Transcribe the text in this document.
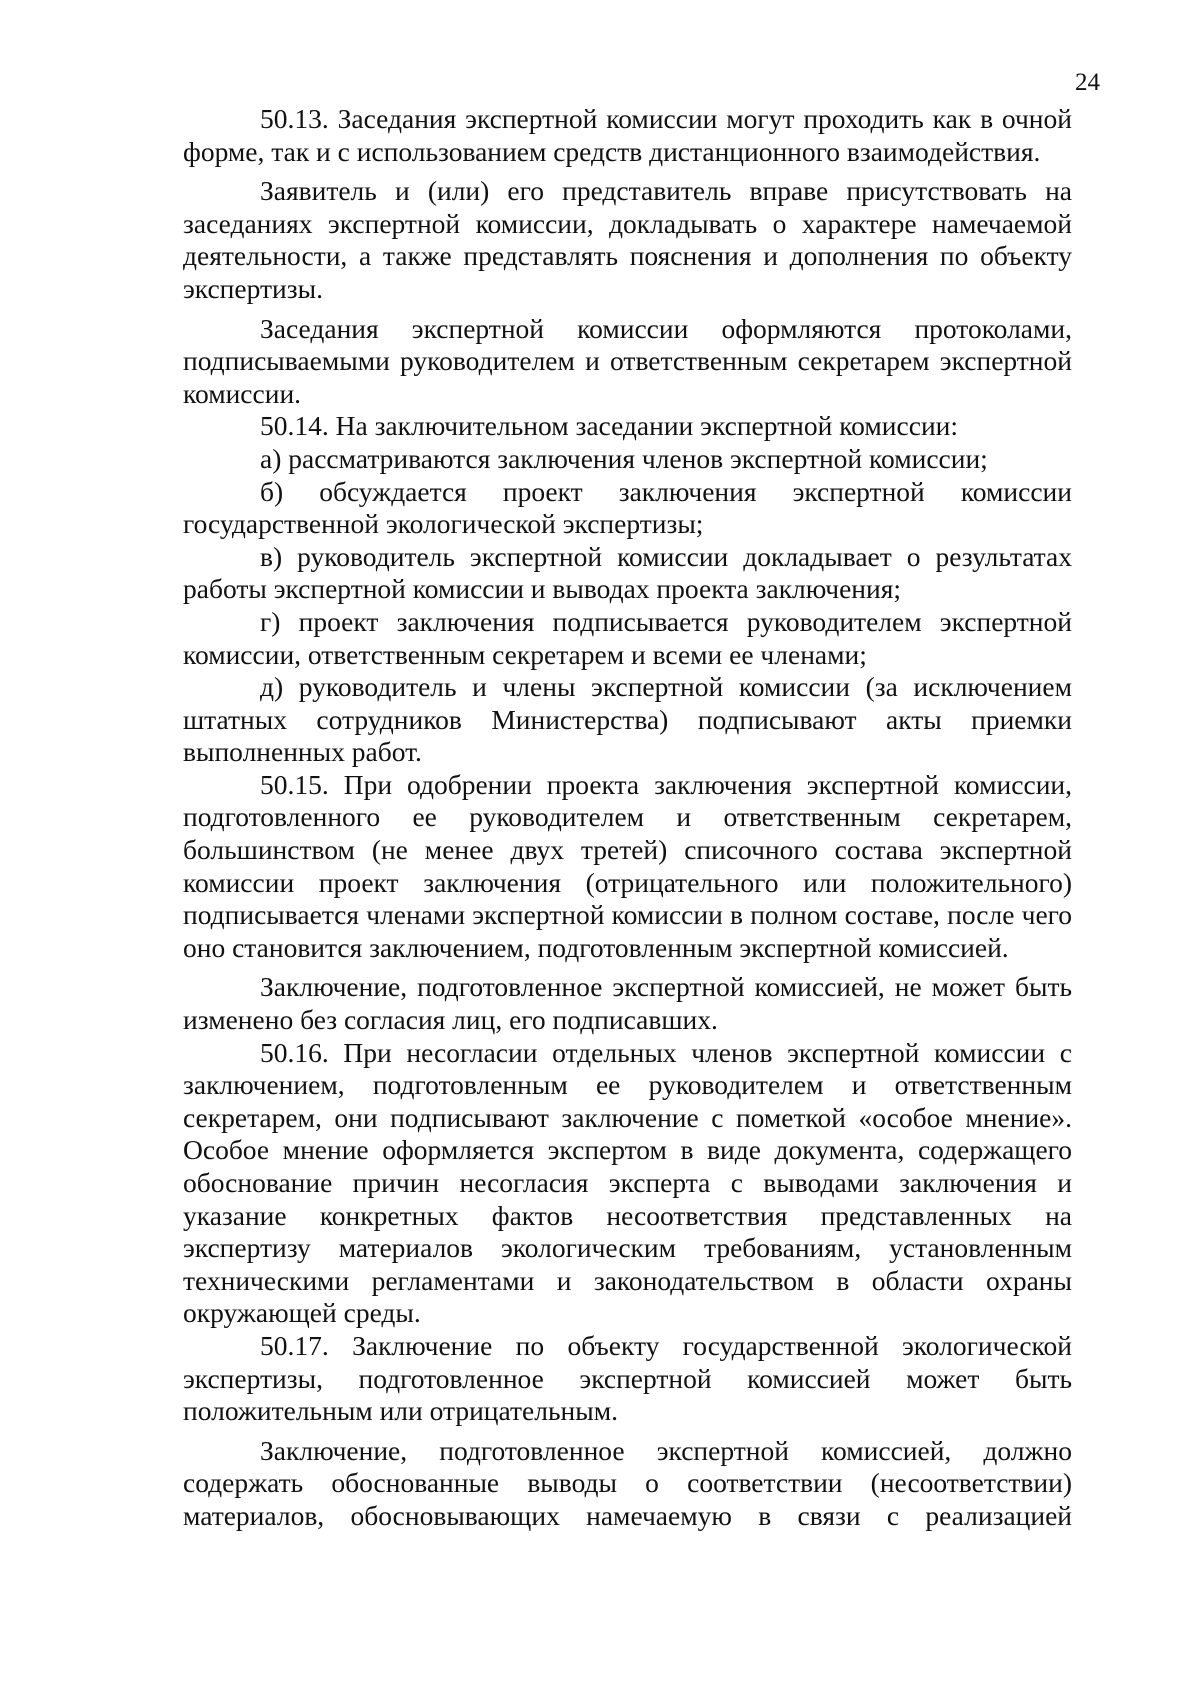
24

50.13. Заседания экспертной комиссии могут проходить как в очной форме, так и с использованием средств дистанционного взаимодействия.

Заявитель и (или) его представитель вправе присутствовать на заседаниях экспертной комиссии, докладывать о характере намечаемой деятельности, а также представлять пояснения и дополнения по объекту экспертизы.

Заседания экспертной комиссии оформляются протоколами, подписываемыми руководителем и ответственным секретарем экспертной комиссии.

50.14. На заключительном заседании экспертной комиссии:

а) рассматриваются заключения членов экспертной комиссии;

б) обсуждается проект заключения экспертной комиссии государственной экологической экспертизы;

в) руководитель экспертной комиссии докладывает о результатах работы экспертной комиссии и выводах проекта заключения;

г) проект заключения подписывается руководителем экспертной комиссии, ответственным секретарем и всеми ее членами;

д) руководитель и члены экспертной комиссии (за исключением штатных сотрудников Министерства) подписывают акты приемки выполненных работ.

50.15. При одобрении проекта заключения экспертной комиссии, подготовленного ее руководителем и ответственным секретарем, большинством (не менее двух третей) списочного состава экспертной комиссии проект заключения (отрицательного или положительного) подписывается членами экспертной комиссии в полном составе, после чего оно становится заключением, подготовленным экспертной комиссией.

Заключение, подготовленное экспертной комиссией, не может быть изменено без согласия лиц, его подписавших.

50.16. При несогласии отдельных членов экспертной комиссии с заключением, подготовленным ее руководителем и ответственным секретарем, они подписывают заключение с пометкой «особое мнение». Особое мнение оформляется экспертом в виде документа, содержащего обоснование причин несогласия эксперта с выводами заключения и указание конкретных фактов несоответствия представленных на экспертизу материалов экологическим требованиям, установленным техническими регламентами и законодательством в области охраны окружающей среды.

50.17. Заключение по объекту государственной экологической экспертизы, подготовленное экспертной комиссией может быть положительным или отрицательным.

Заключение, подготовленное экспертной комиссией, должно содержать обоснованные выводы о соответствии (несоответствии) материалов, обосновывающих намечаемую в связи с реализацией
